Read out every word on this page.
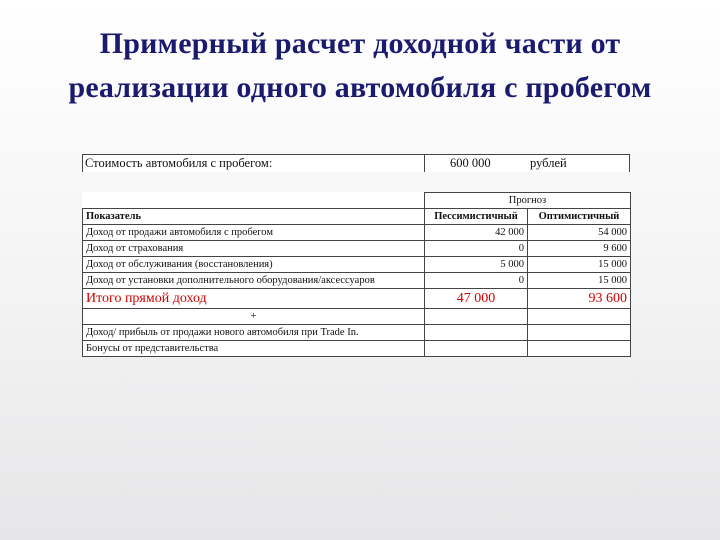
Примерный расчет доходной части от
реализации одного автомобиля с пробегом
Стоимость автомобиля с пробегом:	600 000	рублей
	Прогноз	
Показатель	Пессимистичный	Оптимистичный
Доход от продажи автомобиля с пробегом	42 000	54 000
Доход от страхования	0	9 600
Доход от обслуживания (восстановления)	5 000	15 000
Доход от установки дополнительного оборудования/аксессуаров	0	15 000
Итого прямой доход	47 000	93 600
+		
Доход/ прибыль от продажи нового автомобиля при Trade In.		
Бонусы от представительства		
